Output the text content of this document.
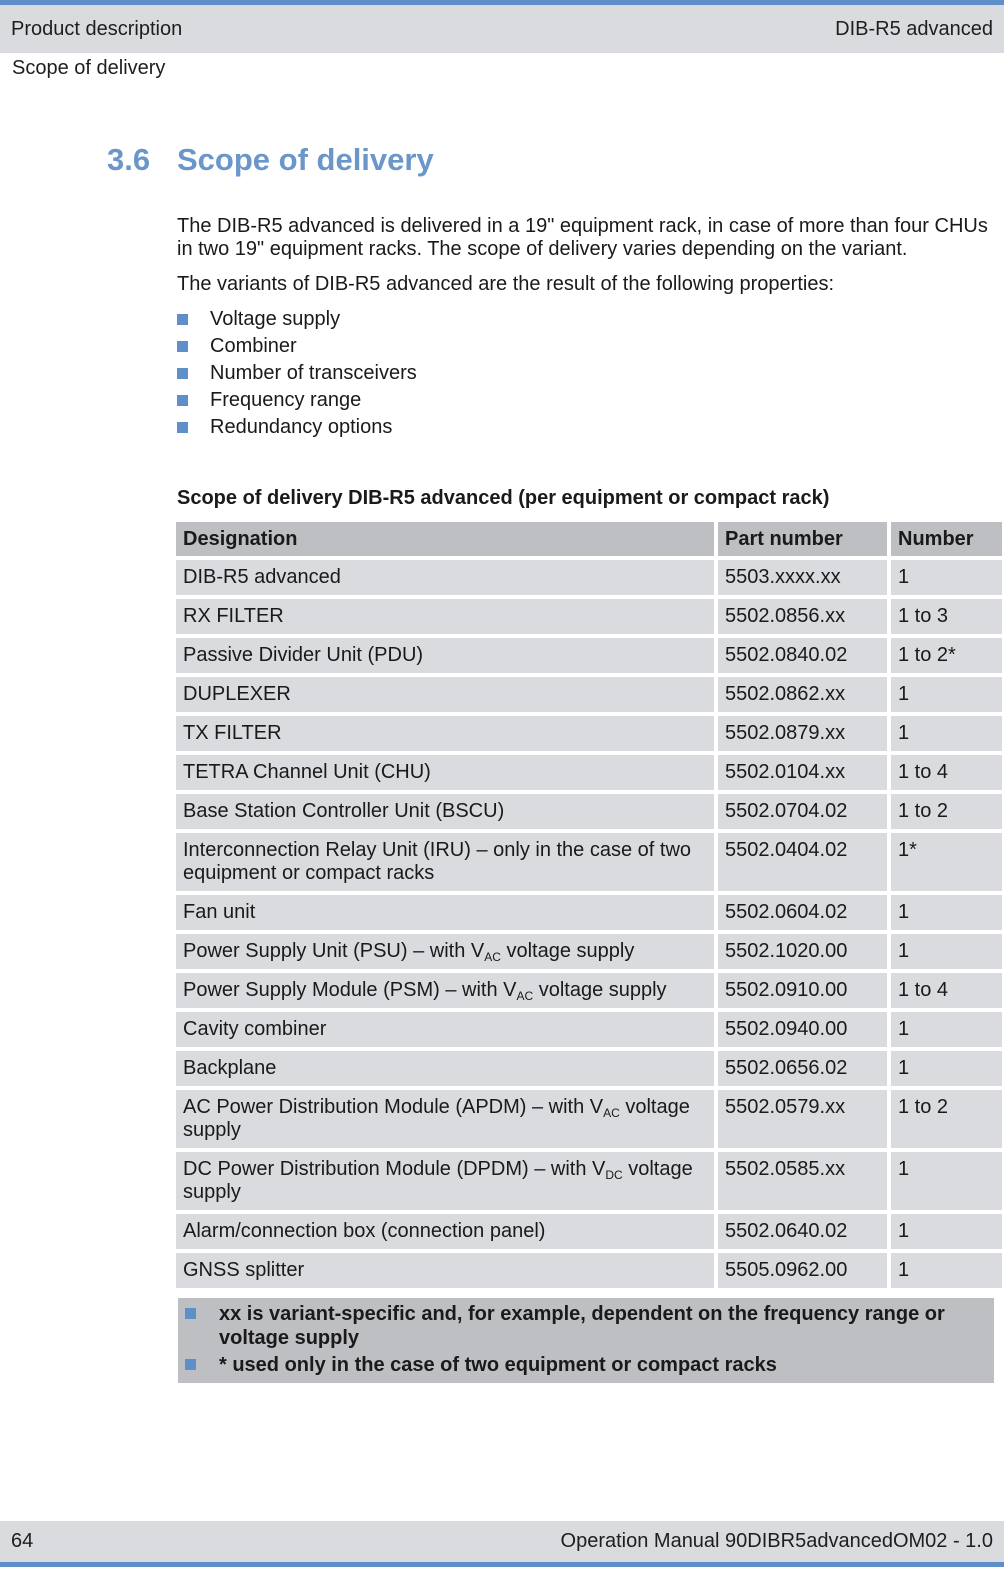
Product description	DIB-R5 advanced
Scope of delivery
3.6 Scope of delivery
The DIB-R5 advanced is delivered in a 19" equipment rack, in case of more than four CHUs in two 19" equipment racks. The scope of delivery varies depending on the variant.
The variants of DIB-R5 advanced are the result of the following properties:
Voltage supply
Combiner
Number of transceivers
Frequency range
Redundancy options
Scope of delivery DIB-R5 advanced (per equipment or compact rack)
Designation	Part number	Number
DIB-R5 advanced	5503.xxxx.xx	1
RX FILTER	5502.0856.xx	1 to 3
Passive Divider Unit (PDU)	5502.0840.02	1 to 2*
DUPLEXER	5502.0862.xx	1
TX FILTER	5502.0879.xx	1
TETRA Channel Unit (CHU)	5502.0104.xx	1 to 4
Base Station Controller Unit (BSCU)	5502.0704.02	1 to 2
Interconnection Relay Unit (IRU) – only in the case of two equipment or compact racks	5502.0404.02	1*
Fan unit	5502.0604.02	1
Power Supply Unit (PSU) – with $V_{AC}$ voltage supply	5502.1020.00	1
Power Supply Module (PSM) – with $V_{AC}$ voltage supply	5502.0910.00	1 to 4
Cavity combiner	5502.0940.00	1
Backplane	5502.0656.02	1
AC Power Distribution Module (APDM) – with $V_{AC}$ voltage supply	5502.0579.xx	1 to 2
DC Power Distribution Module (DPDM) – with $V_{DC}$ voltage supply	5502.0585.xx	1
Alarm/connection box (connection panel)	5502.0640.02	1
GNSS splitter	5505.0962.00	1
xx is variant-specific and, for example, dependent on the frequency range or voltage supply
* used only in the case of two equipment or compact racks
64	Operation Manual 90DIBR5advancedOM02 - 1.0
